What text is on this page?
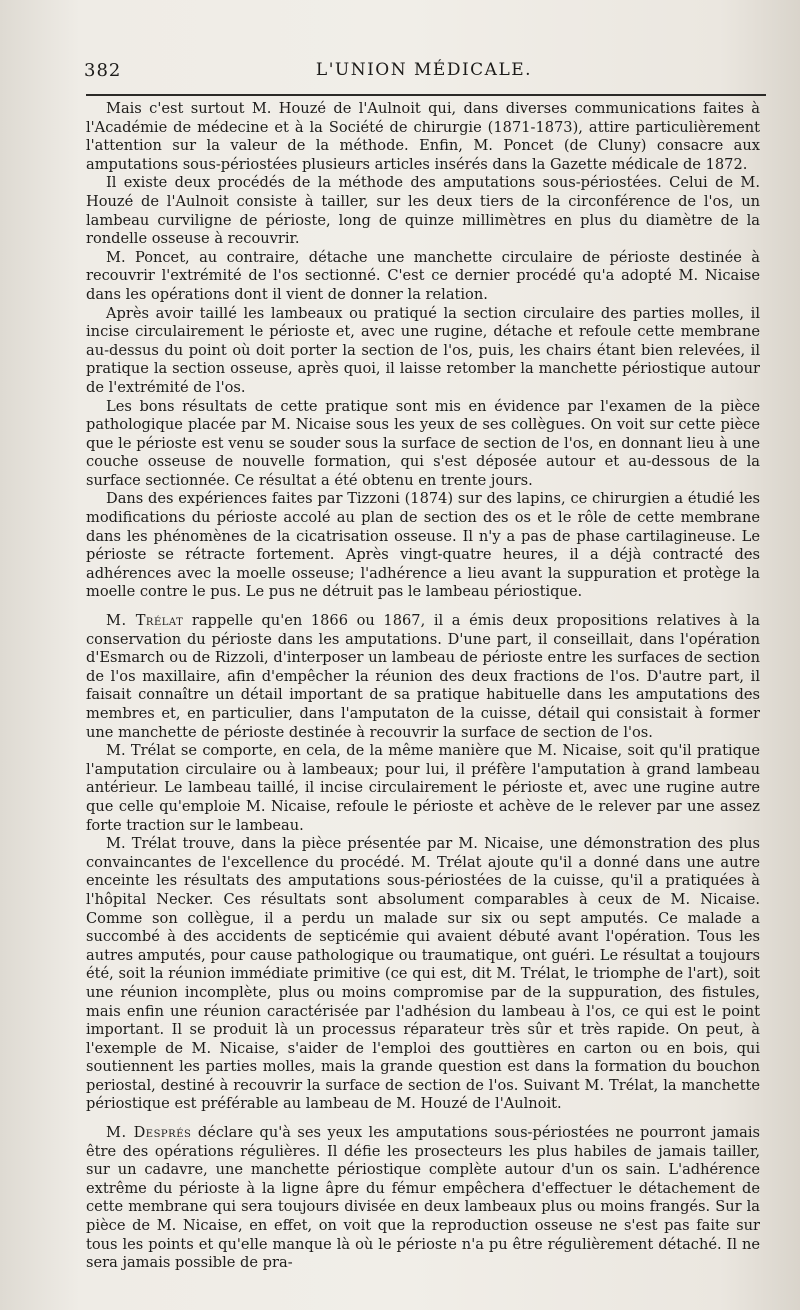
382	L'UNION MÉDICALE.

Mais c'est surtout M. Houzé de l'Aulnoit qui, dans diverses communications faites à l'Académie de médecine et à la Société de chirurgie (1871-1873), attire particulièrement l'attention sur la valeur de la méthode. Enfin, M. Poncet (de Cluny) consacre aux amputations sous-périostées plusieurs articles insérés dans la Gazette médicale de 1872.

Il existe deux procédés de la méthode des amputations sous-périostées. Celui de M. Houzé de l'Aulnoit consiste à tailler, sur les deux tiers de la circonférence de l'os, un lambeau curviligne de périoste, long de quinze millimètres en plus du diamètre de la rondelle osseuse à recouvrir.

M. Poncet, au contraire, détache une manchette circulaire de périoste destinée à recouvrir l'extrémité de l'os sectionné. C'est ce dernier procédé qu'a adopté M. Nicaise dans les opérations dont il vient de donner la relation.

Après avoir taillé les lambeaux ou pratiqué la section circulaire des parties molles, il incise circulairement le périoste et, avec une rugine, détache et refoule cette membrane au-dessus du point où doit porter la section de l'os, puis, les chairs étant bien relevées, il pratique la section osseuse, après quoi, il laisse retomber la manchette périostique autour de l'extrémité de l'os.

Les bons résultats de cette pratique sont mis en évidence par l'examen de la pièce pathologique placée par M. Nicaise sous les yeux de ses collègues. On voit sur cette pièce que le périoste est venu se souder sous la surface de section de l'os, en donnant lieu à une couche osseuse de nouvelle formation, qui s'est déposée autour et au-dessous de la surface sectionnée. Ce résultat a été obtenu en trente jours.

Dans des expériences faites par Tizzoni (1874) sur des lapins, ce chirurgien a étudié les modifications du périoste accolé au plan de section des os et le rôle de cette membrane dans les phénomènes de la cicatrisation osseuse. Il n'y a pas de phase cartilagineuse. Le périoste se rétracte fortement. Après vingt-quatre heures, il a déjà contracté des adhérences avec la moelle osseuse; l'adhérence a lieu avant la suppuration et protège la moelle contre le pus. Le pus ne détruit pas le lambeau périostique.

M. Trélat rappelle qu'en 1866 ou 1867, il a émis deux propositions relatives à la conservation du périoste dans les amputations. D'une part, il conseillait, dans l'opération d'Esmarch ou de Rizzoli, d'interposer un lambeau de périoste entre les surfaces de section de l'os maxillaire, afin d'empêcher la réunion des deux fractions de l'os. D'autre part, il faisait connaître un détail important de sa pratique habituelle dans les amputations des membres et, en particulier, dans l'amputaton de la cuisse, détail qui consistait à former une manchette de périoste destinée à recouvrir la surface de section de l'os.

M. Trélat se comporte, en cela, de la même manière que M. Nicaise, soit qu'il pratique l'amputation circulaire ou à lambeaux; pour lui, il préfère l'amputation à grand lambeau antérieur. Le lambeau taillé, il incise circulairement le périoste et, avec une rugine autre que celle qu'emploie M. Nicaise, refoule le périoste et achève de le relever par une assez forte traction sur le lambeau.

M. Trélat trouve, dans la pièce présentée par M. Nicaise, une démonstration des plus convaincantes de l'excellence du procédé. M. Trélat ajoute qu'il a donné dans une autre enceinte les résultats des amputations sous-périostées de la cuisse, qu'il a pratiquées à l'hôpital Necker. Ces résultats sont absolument comparables à ceux de M. Nicaise. Comme son collègue, il a perdu un malade sur six ou sept amputés. Ce malade a succombé à des accidents de septicémie qui avaient débuté avant l'opération. Tous les autres amputés, pour cause pathologique ou traumatique, ont guéri. Le résultat a toujours été, soit la réunion immédiate primitive (ce qui est, dit M. Trélat, le triomphe de l'art), soit une réunion incomplète, plus ou moins compromise par de la suppuration, des fistules, mais enfin une réunion caractérisée par l'adhésion du lambeau à l'os, ce qui est le point important. Il se produit là un processus réparateur très sûr et très rapide. On peut, à l'exemple de M. Nicaise, s'aider de l'emploi des gouttières en carton ou en bois, qui soutiennent les parties molles, mais la grande question est dans la formation du bouchon periostal, destiné à recouvrir la surface de section de l'os. Suivant M. Trélat, la manchette périostique est préférable au lambeau de M. Houzé de l'Aulnoit.

M. Després déclare qu'à ses yeux les amputations sous-périostées ne pourront jamais être des opérations régulières. Il défie les prosecteurs les plus habiles de jamais tailler, sur un cadavre, une manchette périostique complète autour d'un os sain. L'adhérence extrême du périoste à la ligne âpre du fémur empêchera d'effectuer le détachement de cette membrane qui sera toujours divisée en deux lambeaux plus ou moins frangés. Sur la pièce de M. Nicaise, en effet, on voit que la reproduction osseuse ne s'est pas faite sur tous les points et qu'elle manque là où le périoste n'a pu être régulièrement détaché. Il ne sera jamais possible de pra-
